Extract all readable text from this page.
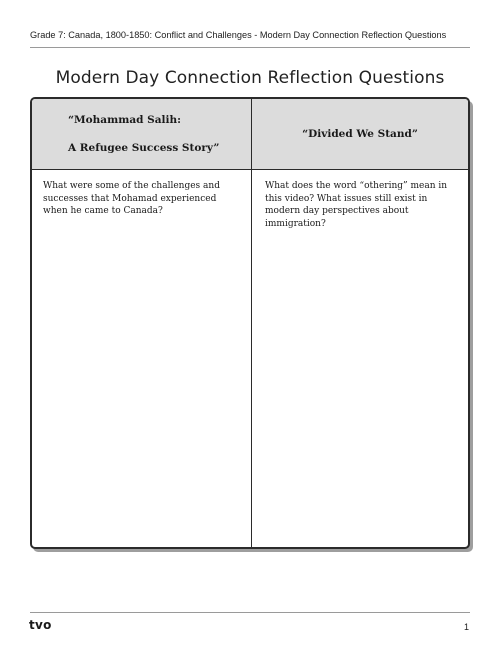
Grade 7: Canada, 1800-1850: Conflict and Challenges - Modern Day Connection Reflection Questions
Modern Day Connection Reflection Questions
“Mohammad Salih:
A Refugee Success Story”
“Divided We Stand”
What were some of the challenges and successes that Mohamad experienced when he came to Canada?
What does the word “othering” mean in this video? What issues still exist in modern day perspectives about immigration?
tvo	1
